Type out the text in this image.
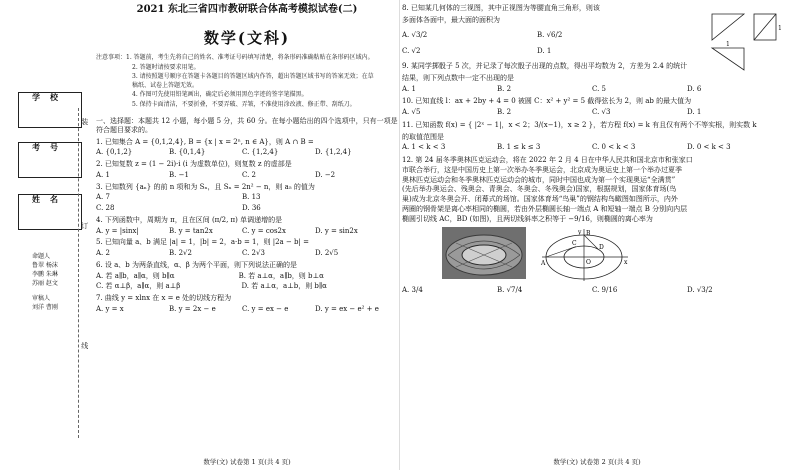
学校
考号
姓名
装
订
线
命题人
鲁翠 杨沫
李鹏 朱琳
苏丽 赵文
审稿人
刘洋 曹刚
2021 东北三省四市教研联合体高考模拟试卷(二)
数学(文科)
注意事项：1. 答题前，考生先将自己的姓名、准考证号码填写清楚，将条形码准确粘贴在条形码区域内。
2. 答题时请按要求用笔。
3. 请按照题号顺序在答题卡各题目的答题区域内作答，超出答题区域书写的答案无效；在草
稿纸、试卷上答题无效。
4. 作图可先使用铅笔画出，确定后必须用黑色字迹的签字笔描黑。
5. 保持卡面清洁，不要折叠，不要弄破、弄皱，不准使用涂改液、修正带、刮纸刀。
一、选择题：本题共 12 小题，每小题 5 分，共 60 分。在每小题给出的四个选项中，只有一项是符合题目要求的。
1. 已知集合 A = {0,1,2,4}, B = {x | x = 2ⁿ, n ∈ A}，则 A ∩ B =
A. {0,1,2}	B. {0,1,4}	C. {1,2,4}	D. {1,2,4}
2. 已知复数 z = (1 − 2i)·i (i 为虚数单位)，则复数 z 的虚部是
A. 1	B. −1	C. 2	D. −2
3. 已知数列 {aₙ} 的前 n 项和为 Sₙ，且 Sₙ = 2n² − n，则 a₅ 的值为
A. 7	B. 13
C. 28	D. 36
4. 下列函数中，周期为 π，且在区间 (π/2, π) 单调递增的是
A. y = |sinx|	B. y = tan2x	C. y = cos2x	D. y = sin2x
5. 已知向量 a、b 满足 |a| = 1，|b| = 2，a·b = 1，则 |2a − b| =
A. 2	B. 2√2	C. 2√3	D. 2√5
6. 设 a、b 为两条直线，α、β 为两个平面，则下列说法正确的是
A. 若 a∥b，a∥α，则 b∥α	B. 若 a⊥α，a∥b，则 b⊥α
C. 若 α⊥β，a∥α，则 a⊥β	D. 若 a⊥α，a⊥b，则 b∥α
7. 曲线 y = xlnx 在 x = e 处的切线方程为
A. y = x	B. y = 2x − e	C. y = ex − e	D. y = ex − e² + e
数学(文) 试卷第 1 页(共 4 页)
8. 已知某几何体的三视图，其中正视图为等腰直角三角形，则该
多面体各面中，最大面的面积为
A. √3/2	B. √6/2
C. √2	D. 1
1
1
9. 某同学掷骰子 5 次，并记录了每次骰子出现的点数，得出平均数为 2，方差为 2.4 的统计
结果，则下列点数中一定不出现的是
A. 1	B. 2	C. 5	D. 6
10. 已知直线 l：ax + 2by + 4 = 0 被圆 C：x² + y² = 5 截得弦长为 2，则 ab 的最大值为
A. √5	B. 2	C. √3	D. 1
11. 已知函数 f(x) = { |2ˣ − 1|，x < 2；3/(x−1)，x ≥ 2 }，若方程 f(x) = k 有且仅有两个不等实根，则实数 k
的取值范围是
A. 1 < k < 3	B. 1 ≤ k ≤ 3	C. 0 < k < 3	D. 0 < k < 3
12. 第 24 届冬季奥林匹克运动会，将在 2022 年 2 月 4 日在中华人民共和国北京市和张家口
市联合举行，这是中国历史上第一次举办冬季奥运会，北京成为奥运史上第一个举办过夏季
奥林匹克运动会和冬季奥林匹克运动会的城市，同时中国也成为第一个实现奥运“全满贯”
(先后举办奥运会、残奥会、青奥会、冬奥会、冬残奥会)国家，根据规划，国家体育场(鸟
巢)成为北京冬奥会开、闭幕式的场馆。国家体育场“鸟巢”的钢结构鸟瞰图如图所示，内外
两圈的钢骨架是离心率相同的椭圆，若由外层椭圆长轴一端点 A 和短轴一端点 B 分别向内层
椭圆引切线 AC，BD (如图)，且两切线斜率之积等于 −9/16，则椭圆的离心率为
A
B
C
D
O	x
y
A. 3/4	B. √7/4	C. 9/16	D. √3/2
数学(文) 试卷第 2 页(共 4 页)
